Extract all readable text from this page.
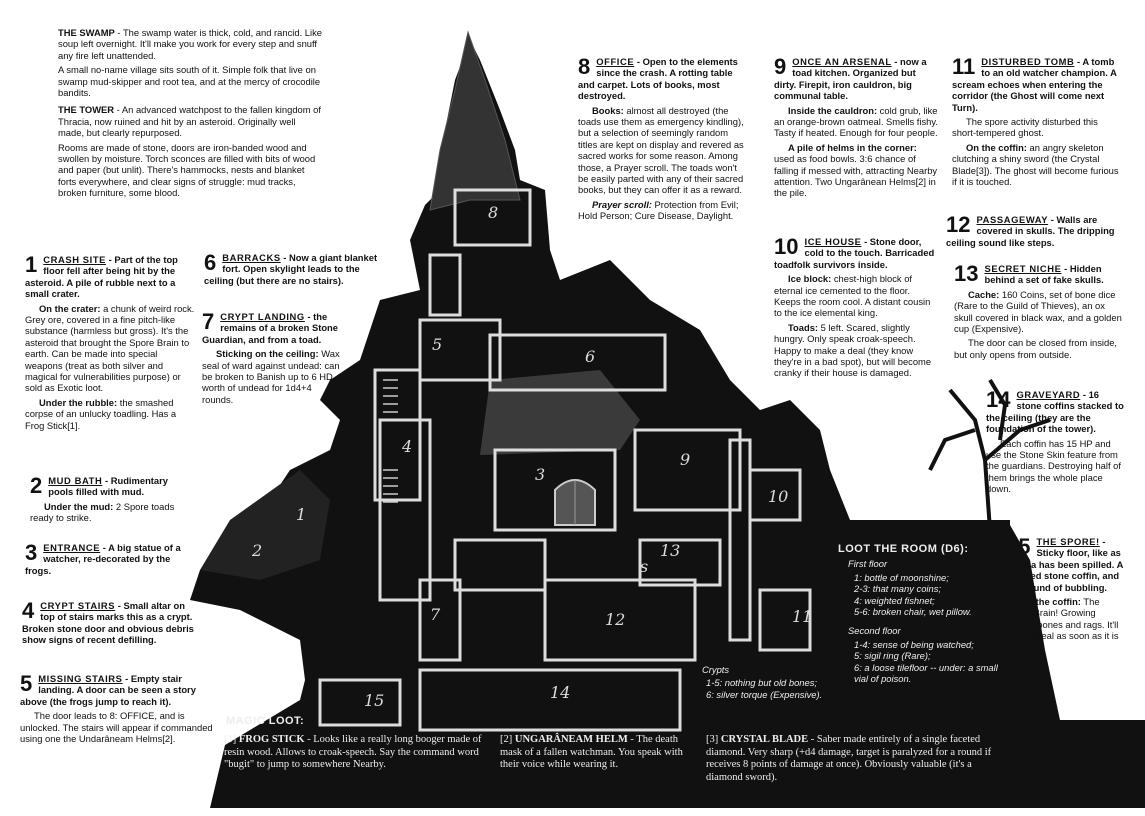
8
5
6
4
3
9
10
1
2	13
7	12	11
15	14
s

THE SWAMP - The swamp water is thick, cold, and rancid. Like soup left overnight. It'll make you work for every step and snuff any fire left unattended.

A small no-name village sits south of it. Simple folk that live on swamp mud-skipper and root tea, and at the mercy of crocodile bandits.

THE TOWER - An advanced watchpost to the fallen kingdom of Thracia, now ruined and hit by an asteroid. Originally well made, but clearly repurposed.

Rooms are made of stone, doors are iron-banded wood and swollen by moisture. Torch sconces are filled with bits of wood and paper (but unlit). There's hammocks, nests and blanket forts everywhere, and clear signs of struggle: mud tracks, broken furniture, some blood.

1 CRASH SITE - Part of the top floor fell after being hit by the asteroid. A pile of rubble next to a small crater.

On the crater: a chunk of weird rock. Grey ore, covered in a fine pitch-like substance (harmless but gross). It's the asteroid that brought the Spore Brain to earth. Can be made into special weapons (treat as both silver and magical for vulnerabilities purpose) or sold as Exotic loot.

Under the rubble: the smashed corpse of an unlucky toadling. Has a Frog Stick[1].

2 MUD BATH - Rudimentary pools filled with mud.

Under the mud: 2 Spore toads ready to strike.

3 ENTRANCE - A big statue of a watcher, re-decorated by the frogs.

4 CRYPT STAIRS - Small altar on top of stairs marks this as a crypt. Broken stone door and obvious debris show signs of recent defilling.

5 MISSING STAIRS - Empty stair landing. A door can be seen a story above (the frogs jump to reach it).

The door leads to 8: OFFICE, and is unlocked. The stairs will appear if commanded using one the Undarâneam Helms[2].

6 BARRACKS - Now a giant blanket fort. Open skylight leads to the ceiling (but there are no stairs).

7 CRYPT LANDING - the remains of a broken Stone Guardian, and from a toad.

Sticking on the ceiling: Wax seal of ward against undead: can be broken to Banish up to 6 HD worth of undead for 1d4+4 rounds.

8 OFFICE - Open to the elements since the crash. A rotting table and carpet. Lots of books, most destroyed.

Books: almost all destroyed (the toads use them as emergency kindling), but a selection of seemingly random titles are kept on display and revered as sacred works for some reason. Among those, a Prayer scroll. The toads won't be easily parted with any of their sacred books, but they can offer it as a reward.

Prayer scroll: Protection from Evil; Hold Person; Cure Disease, Daylight.

9 ONCE AN ARSENAL - now a toad kitchen. Organized but dirty. Firepit, iron cauldron, big communal table.

Inside the cauldron: cold grub, like an orange-brown oatmeal. Smells fishy. Tasty if heated. Enough for four people.

A pile of helms in the corner: used as food bowls. 3:6 chance of falling if messed with, attracting Nearby attention. Two Ungarânean Helms[2] in the pile.

10 ICE HOUSE - Stone door, cold to the touch. Barricaded toadfolk survivors inside.

Ice block: chest-high block of eternal ice cemented to the floor. Keeps the room cool. A distant cousin to the ice elemental king.

Toads: 5 left. Scared, slightly hungry. Only speak croak-speech. Happy to make a deal (they know they're in a bad spot), but will become cranky if their house is damaged.

11 DISTURBED TOMB - A tomb to an old watcher champion. A scream echoes when entering the corridor (the Ghost will come next Turn).

The spore activity disturbed this short-tempered ghost.

On the coffin: an angry skeleton clutching a shiny sword (the Crystal Blade[3]). The ghost will become furious if it is touched.

12 PASSAGEWAY - Walls are covered in skulls. The dripping ceiling sound like steps.

13 SECRET NICHE - Hidden behind a set of fake skulls.

Cache: 160 Coins, set of bone dice (Rare to the Guild of Thieves), an ox skull covered in black wax, and a golden cup (Expensive).

The door can be closed from inside, but only opens from outside.

14 GRAVEYARD - 16 stone coffins stacked to the ceiling (they are the foundation of the tower).

Each coffin has 15 HP and use the Stone Skin feature from the guardians. Destroying half of them brings the whole place down.

15 THE SPORE! - Sticky floor, like as if soda has been spilled. A cracked stone coffin, and the sound of bubbling.

On the coffin: The Spore Brain! Growing among bones and rags. It'll let a squeal as soon as it is seen.

LOOT THE ROOM (D6):

First floor

1: bottle of moonshine;
2-3: that many coins;
4: weighted fishnet;
5-6: broken chair, wet pillow.

Second floor

1-4: sense of being watched;
5: sigil ring (Rare);
6: a loose tilefloor -- under: a small vial of poison.

Crypts

1-5: nothing but old bones;
6: silver torque (Expensive).

MAGIC LOOT:

[1] FROG STICK - Looks like a really long booger made of resin wood. Allows to croak-speech. Say the command word "bugit" to jump to somewhere Nearby.
[2] UNGARÂNEAM HELM - The death mask of a fallen watchman. You speak with their voice while wearing it.
[3] CRYSTAL BLADE - Saber made entirely of a single faceted diamond. Very sharp (+d4 damage, target is paralyzed for a round if receives 8 points of damage at once). Obviously valuable (it's a diamond sword).
